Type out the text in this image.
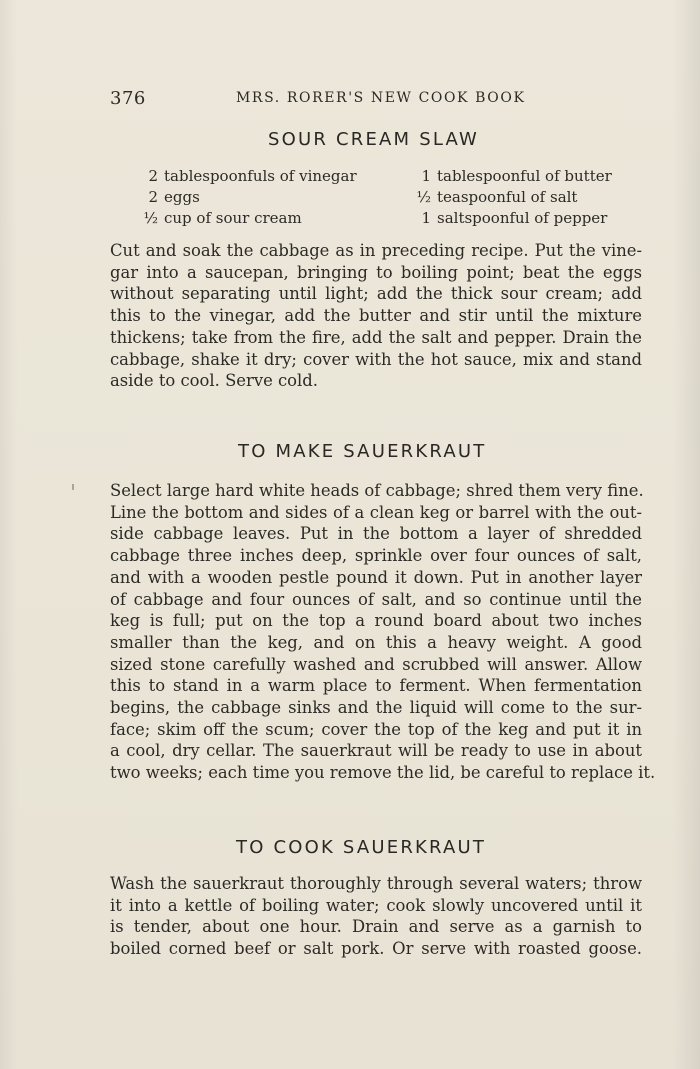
376	MRS. RORER'S NEW COOK BOOK
SOUR CREAM SLAW
2 tablespoonfuls of vinegar	1 tablespoonful of butter
2 eggs	½ teaspoonful of salt
½ cup of sour cream	1 saltspoonful of pepper
Cut and soak the cabbage as in preceding recipe. Put the vine-
gar into a saucepan, bringing to boiling point; beat the eggs
without separating until light; add the thick sour cream; add
this to the vinegar, add the butter and stir until the mixture
thickens; take from the fire, add the salt and pepper. Drain the
cabbage, shake it dry; cover with the hot sauce, mix and stand
aside to cool. Serve cold.
TO MAKE SAUERKRAUT
Select large hard white heads of cabbage; shred them very fine.
Line the bottom and sides of a clean keg or barrel with the out-
side cabbage leaves. Put in the bottom a layer of shredded
cabbage three inches deep, sprinkle over four ounces of salt,
and with a wooden pestle pound it down. Put in another layer
of cabbage and four ounces of salt, and so continue until the
keg is full; put on the top a round board about two inches
smaller than the keg, and on this a heavy weight. A good
sized stone carefully washed and scrubbed will answer. Allow
this to stand in a warm place to ferment. When fermentation
begins, the cabbage sinks and the liquid will come to the sur-
face; skim off the scum; cover the top of the keg and put it in
a cool, dry cellar. The sauerkraut will be ready to use in about
two weeks; each time you remove the lid, be careful to replace it.
TO COOK SAUERKRAUT
Wash the sauerkraut thoroughly through several waters; throw
it into a kettle of boiling water; cook slowly uncovered until it
is tender, about one hour. Drain and serve as a garnish to
boiled corned beef or salt pork. Or serve with roasted goose.
